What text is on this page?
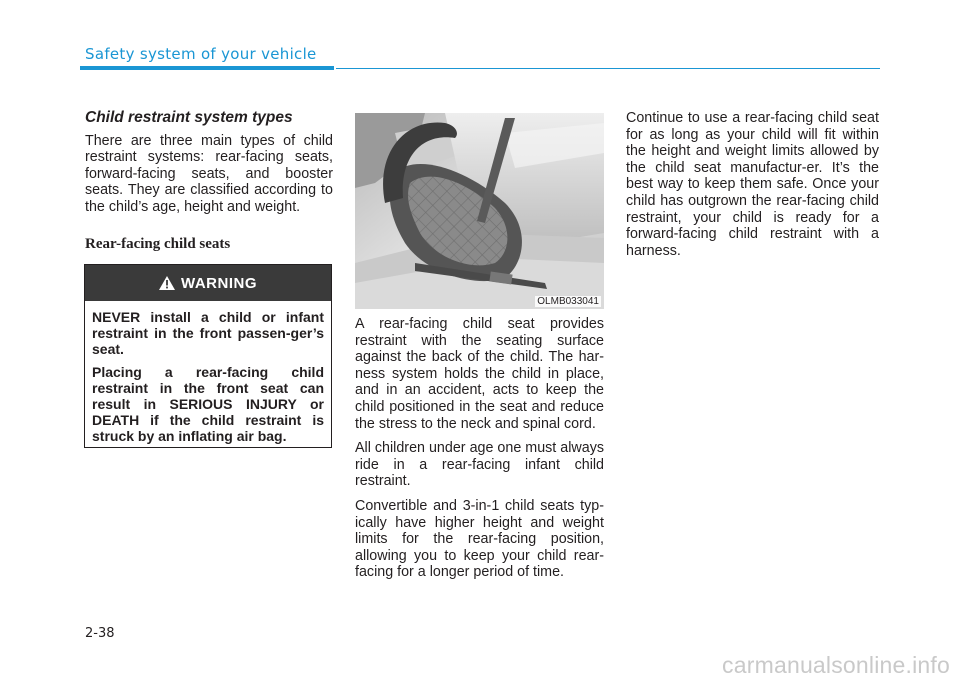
Safety system of your vehicle
Child restraint system types

There are three main types of child restraint systems: rear-facing seats, forward-facing seats, and booster seats. They are classified according to the child’s age, height and weight.

Rear-facing child seats
WARNING

NEVER install a child or infant restraint in the front passen-ger’s seat.

Placing a rear-facing child restraint in the front seat can result in SERIOUS INJURY or DEATH if the child restraint is struck by an inflating air bag.

OLMB033041

A rear-facing child seat provides restraint with the seating surface against the back of the child. The har-ness system holds the child in place, and in an accident, acts to keep the child positioned in the seat and reduce the stress to the neck and spinal cord.

All children under age one must always ride in a rear-facing infant child restraint.

Convertible and 3-in-1 child seats typ-ically have higher height and weight limits for the rear-facing position, allowing you to keep your child rear-facing for a longer period of time.

Continue to use a rear-facing child seat for as long as your child will fit within the height and weight limits allowed by the child seat manufactur-er. It’s the best way to keep them safe. Once your child has outgrown the rear-facing child restraint, your child is ready for a forward-facing child restraint with a harness.

2-38
carmanualsonline.info
